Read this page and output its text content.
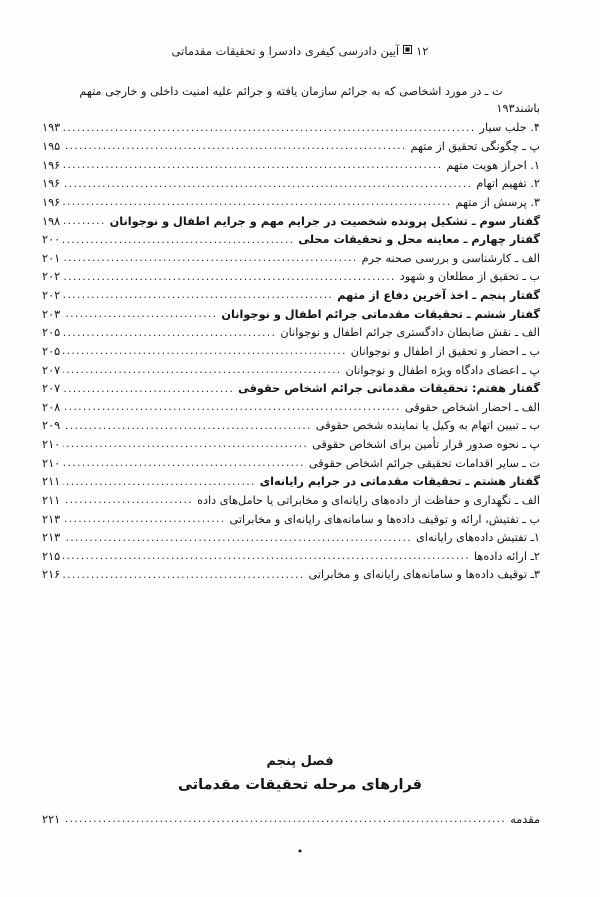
۱۲آیین دادرسی کیفری دادسرا و تحقیقات مقدماتی
ت ـ در مورد اشخاصی که به جرائم سازمان یافته و جرائم علیه امنیت داخلی و خارجی متهم
باشند
۱۹۳
۴. جلب سیار
.....
۱۹۳
پ ـ چگونگی تحقیق از متهم
.....
۱۹۵
۱. احراز هویت متهم
.....
۱۹۶
۲. تفهیم اتهام
.....
۱۹۶
۳. پرسش از متهم
.....
۱۹۶
گفتار سوم ـ تشکیل پرونده شخصیت در جرایم مهم و جرایم اطفال و نوجوانان
.....
۱۹۸
گفتار چهارم ـ معاینه محل و تحقیقات محلی
.....
۲۰۰
الف ـ کارشناسی و بررسی صحنه جرم
.....
۲۰۱
ب ـ تحقیق از مطلعان و شهود
.....
۲۰۲
گفتار پنجم ـ اخذ آخرین دفاع از متهم
.....
۲۰۲
گفتار ششم ـ تحقیقات مقدماتی جرائم اطفال و نوجوانان
.....
۲۰۳
الف ـ نقش ضابطان دادگستری جرائم اطفال و نوجوانان
.....
۲۰۵
ب ـ احضار و تحقیق از اطفال و نوجوانان
.....
۲۰۵
پ ـ اعضای دادگاه ویژه اطفال و نوجوانان
.....
۲۰۷
گفتار هفتم: تحقیقات مقدماتی جرائم اشخاص حقوقی
.....
۲۰۷
الف ـ احضار اشخاص حقوقی
.....
۲۰۸
ب ـ تبیین اتهام به وکیل یا نماینده شخص حقوقی
.....
۲۰۹
پ ـ نحوه صدور قرار تأمین برای اشخاص حقوقی
.....
۲۱۰
ت ـ سایر اقدامات تحقیقی جرائم اشخاص حقوقی
.....
۲۱۰
گفتار هشتم ـ تحقیقات مقدماتی در جرایم رایانه‌ای
.....
۲۱۱
الف ـ نگهداری و حفاظت از داده‌های رایانه‌ای و مخابراتی یا حامل‌های داده
.....
۲۱۱
ب ـ تفتیش، ارائه و توقیف داده‌ها و سامانه‌های رایانه‌ای و مخابراتی
.....
۲۱۳
۱ـ تفتیش داده‌های رایانه‌ای
.....
۲۱۳
۲ـ ارائه داده‌ها
.....
۲۱۵
۳ـ توقیف داده‌ها و سامانه‌های رایانه‌ای و مخابراتی
.....
۲۱۶
فصل پنجم
قرارهای مرحله تحقیقات مقدماتی
مقدمه
.....
۲۲۱
•
